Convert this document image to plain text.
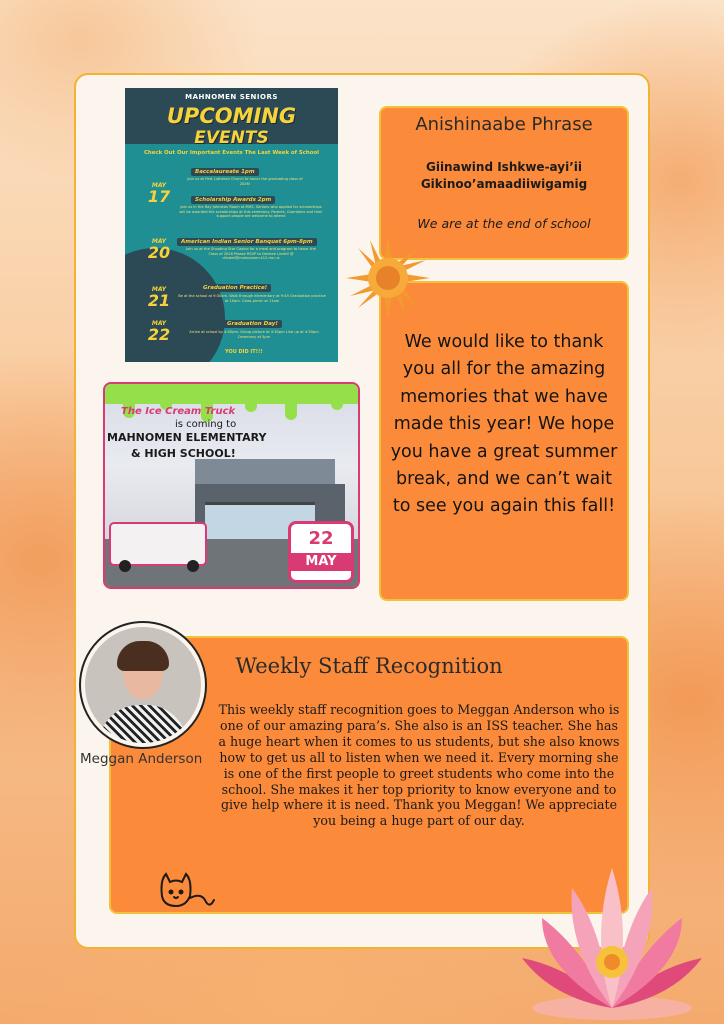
MAHNOMEN SENIORS
UPCOMING
EVENTS
Check Out Our Important Events The Last Week of School
MAY
17
Baccalaureate 1pm
Join us at First Lutheran Church to honor the graduating class of 2026!
Scholarship Awards 2pm
Join us in the Ray Johnston Room at MHS. Seniors who applied for scholarships will be awarded the scholarships at this ceremony. Parents, Guardians and their support people are welcome to attend
MAY
20
American Indian Senior Banquet 6pm-8pm
Join us at the Shooting Star Casino for a meal and program to honor the Class of 2026 Please RSVP to Desiree Lindell @ dlindell@mahnomen.k12.mn.us
MAY
21
Graduation Practice!
Be at the school at 9:30am. Walk through elementary at 9:45 Graduation practice at 10am. Class picnic at 11am
MAY
22
Graduation Day!
Arrive at school by 4:00pm. Group picture at 4:30pm Line up at 4:50pm Ceremony at 5pm
YOU DID IT!!!
The Ice Cream Truck
is coming to
MAHNOMEN ELEMENTARY
& HIGH SCHOOL!
22
MAY
Anishinaabe Phrase
Giinawind Ishkwe-ayi’ii
Gikinoo’amaadiiwigamig
We are at the end of school
We would like to thank you all for the amazing memories that we have made this year! We hope you have a great summer break, and we can’t wait to see you again this fall!
Weekly Staff Recognition
This weekly staff recognition goes to Meggan Anderson who is one of our amazing para’s. She also is an ISS teacher. She has a huge heart when it comes to us students, but she also knows how to get us all to listen when we need it. Every morning she is one of the first people to greet students who come into the school. She makes it her top priority to know everyone and to give help where it is need. Thank you Meggan! We appreciate you being a huge part of our day.
Meggan Anderson
